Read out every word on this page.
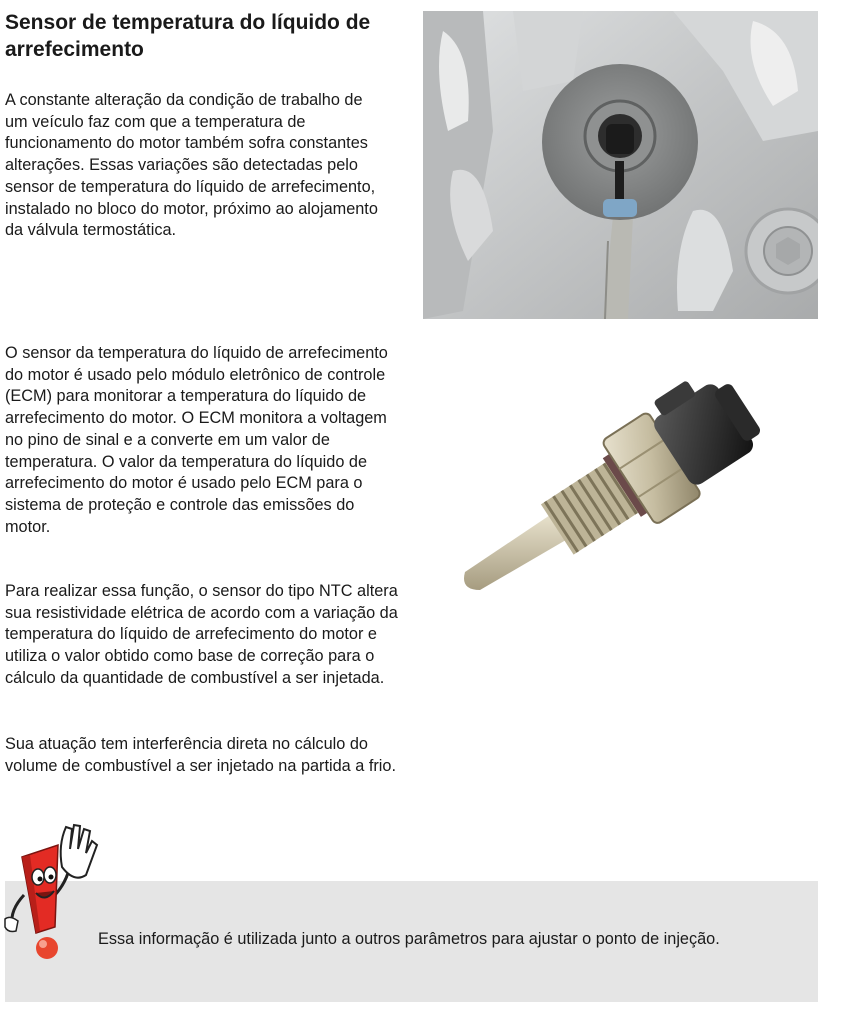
Sensor de temperatura do líquido de arrefecimento

A constante alteração da condição de trabalho de um veículo faz com que a temperatura de funcionamento do motor também sofra constantes alterações. Essas variações são detectadas pelo sensor de temperatura do líquido de arrefecimento, instalado no bloco do motor, próximo ao alojamento da válvula termostática.

O sensor da temperatura do líquido de arrefecimento do motor é usado pelo módulo eletrônico de controle (ECM) para monitorar a temperatura do líquido de arrefecimento do motor. O ECM monitora a voltagem no pino de sinal e a converte em um valor de temperatura. O valor da temperatura do líquido de arrefecimento do motor é usado pelo ECM para o sistema de proteção e controle das emissões do motor.

Para realizar essa função, o sensor do tipo NTC altera sua resistividade elétrica de acordo com a variação da temperatura do líquido de arrefecimento do motor e utiliza o valor obtido como base de correção para o cálculo da quantidade de combustível a ser injetada.

Sua atuação tem interferência direta no cálculo do volume de combustível a ser injetado na partida a frio.

Essa informação é utilizada junto a outros parâmetros para ajustar o ponto de injeção.
